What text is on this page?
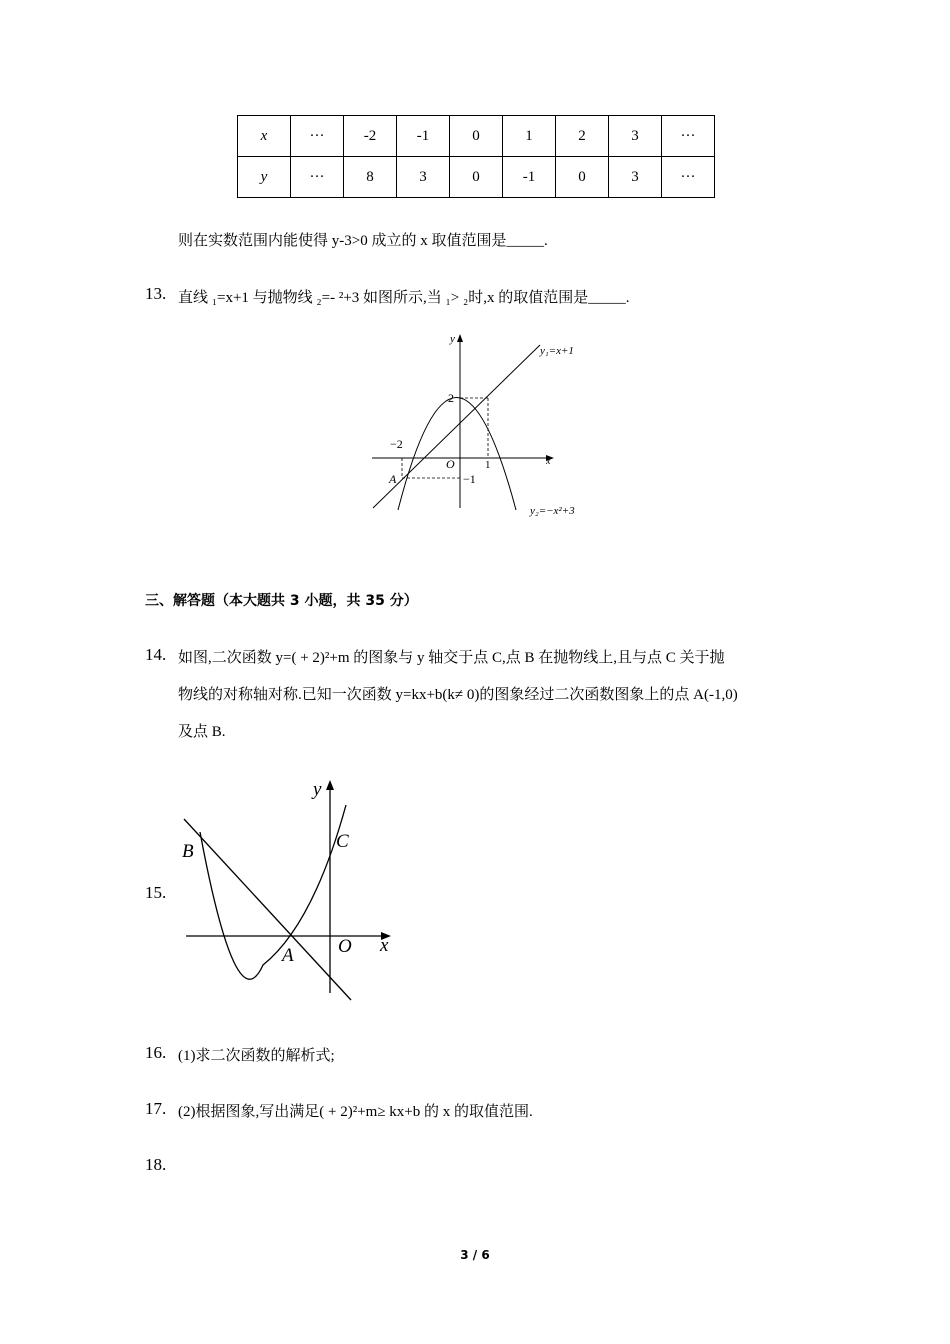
x	···	-2	-1	0	1	2	3	···
y	···	8	3	0	-1	0	3	···
则在实数范围内能使得 y-3>0 成立的 x 取值范围是_____.
13. 直线 ₁=x+1 与抛物线 ₂=- ²+3 如图所示,当 ₁> ₂时,x 的取值范围是_____.
y
x
y₁=x+1
y₂=−x²+3
−2
2
1
−1
O
A
三、解答题（本大题共 3 小题，共 35 分）
14. 如图,二次函数 y=( + 2)²+m 的图象与 y 轴交于点 C,点 B 在抛物线上,且与点 C 关于抛
物线的对称轴对称.已知一次函数 y=kx+b(k≠ 0)的图象经过二次函数图象上的点 A(-1,0)
及点 B.
15.
y
x
O
A
B	C
16. (1)求二次函数的解析式;
17. (2)根据图象,写出满足( + 2)²+m≥ kx+b 的 x 的取值范围.
18.
3 / 6
